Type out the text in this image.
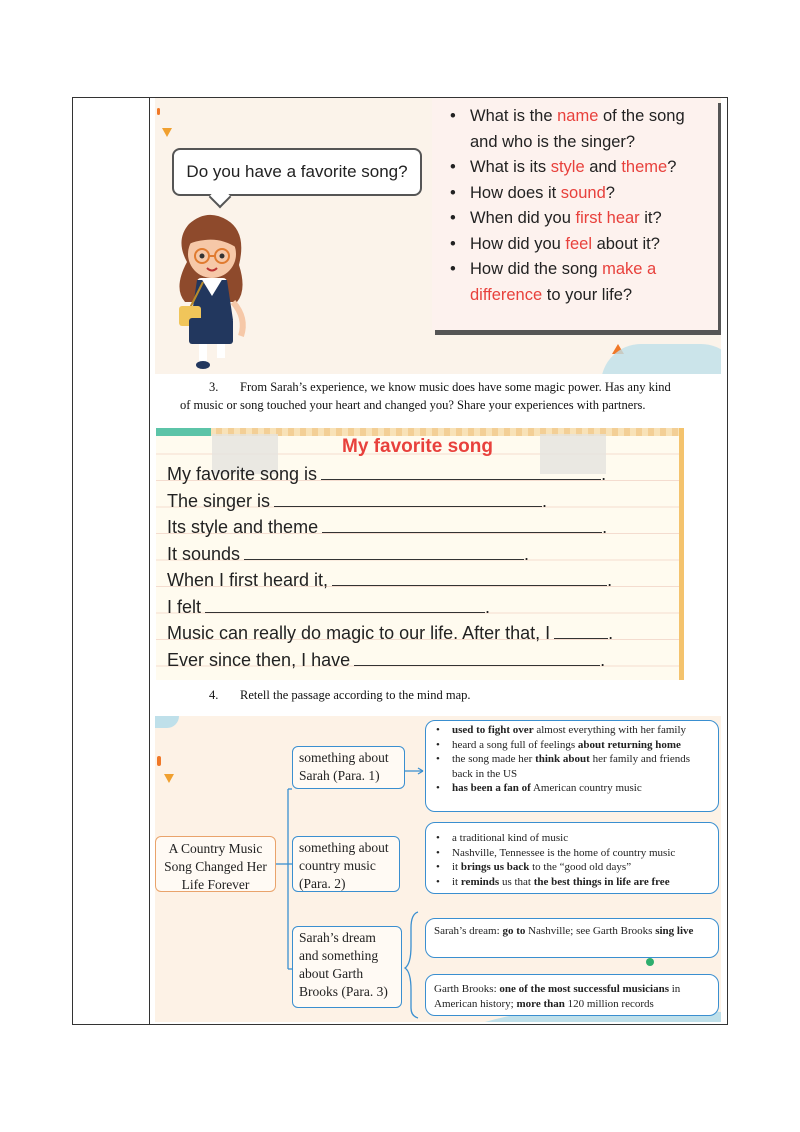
Do you have a favorite song?
• What is the name of the song and who is the singer?
• What is its style and theme?
• How does it sound?
• When did you first hear it?
• How did you feel about it?
• How did the song make a difference to your life?
3. From Sarah’s experience, we know music does have some magic power. Has any kind
of music or song touched your heart and changed you? Share your experiences with partners.
My favorite song
My favorite song is	.
The singer is	.
Its style and theme	.
It sounds	.
When I first heard it,	.
I felt	.
Music can really do magic to our life. After that, I	.
Ever since then, I have	.
4. Retell the passage according to the mind map.
A Country Music Song Changed Her Life Forever
something about Sarah (Para. 1)
something about country music (Para. 2)
Sarah’s dream and something about Garth Brooks (Para. 3)
• used to fight over almost everything with her family
• heard a song full of feelings about returning home
• the song made her think about her family and friends back in the US
• has been a fan of American country music
• a traditional kind of music
• Nashville, Tennessee is the home of country music
• it brings us back to the “good old days”
• it reminds us that the best things in life are free

Sarah’s dream: go to Nashville; see Garth Brooks sing live

Garth Brooks: one of the most successful musicians in American history; more than 120 million records
